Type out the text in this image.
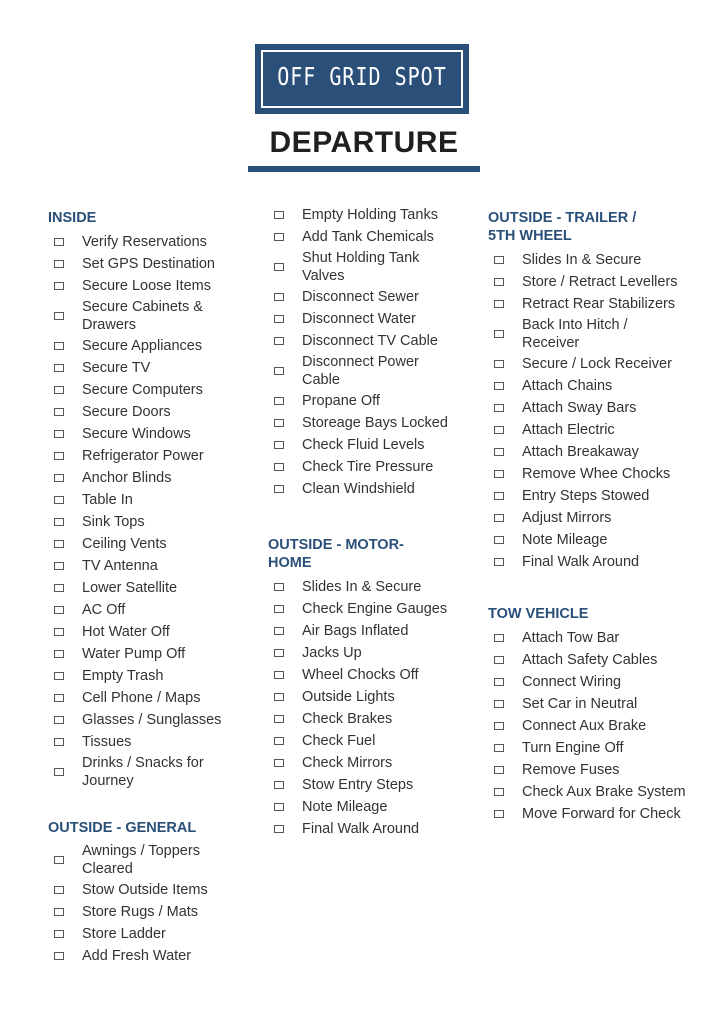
OFF GRID SPOT
DEPARTURE
INSIDE
Verify Reservations
Set GPS Destination
Secure Loose Items
Secure Cabinets & Drawers
Secure Appliances
Secure TV
Secure Computers
Secure Doors
Secure Windows
Refrigerator Power
Anchor Blinds
Table In
Sink Tops
Ceiling Vents
TV Antenna
Lower Satellite
AC Off
Hot Water Off
Water Pump Off
Empty Trash
Cell Phone / Maps
Glasses / Sunglasses
Tissues
Drinks / Snacks for Journey
OUTSIDE - GENERAL
Awnings / Toppers Cleared
Stow Outside Items
Store Rugs / Mats
Store Ladder
Add Fresh Water
Empty Holding Tanks
Add Tank Chemicals
Shut Holding Tank Valves
Disconnect Sewer
Disconnect Water
Disconnect TV Cable
Disconnect Power Cable
Propane Off
Storeage Bays Locked
Check Fluid Levels
Check Tire Pressure
Clean Windshield
OUTSIDE - MOTOR-HOME
Slides In & Secure
Check Engine Gauges
Air Bags Inflated
Jacks Up
Wheel Chocks Off
Outside Lights
Check Brakes
Check Fuel
Check Mirrors
Stow Entry Steps
Note Mileage
Final Walk Around
OUTSIDE - TRAILER / 5TH WHEEL
Slides In & Secure
Store / Retract Levellers
Retract Rear Stabilizers
Back Into Hitch / Receiver
Secure / Lock Receiver
Attach Chains
Attach Sway Bars
Attach Electric
Attach Breakaway
Remove Whee Chocks
Entry Steps Stowed
Adjust Mirrors
Note Mileage
Final Walk Around
TOW VEHICLE
Attach Tow Bar
Attach Safety Cables
Connect Wiring
Set Car in Neutral
Connect Aux Brake
Turn Engine Off
Remove Fuses
Check Aux Brake System
Move Forward for Check
